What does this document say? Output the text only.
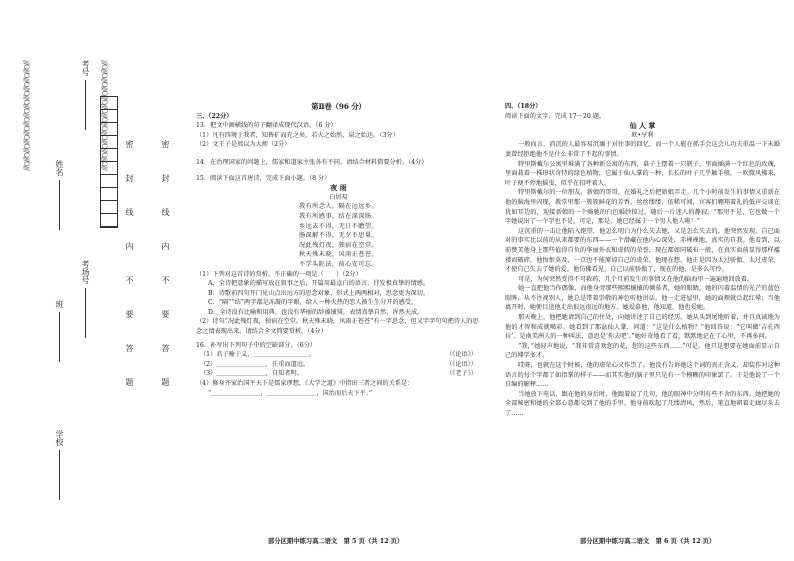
///O///O///O///O///O///O///O///O///O///O///O///O///	///O///O///O///O///O///O///O///O///O///O///O///O///
学校
班
姓名
考场号
考号
密封线内不要答题	密封线内不要答题

第Ⅱ卷（96 分）

三、（22分）

13．把文中画横线的句子翻译成现代汉语。（6 分）

（1）凡有四境于我者，知皆扩而充之矣，若火之始然，泉之始达。（3分）

（2）文王子是周以为大师（2分）

14．在治理国家的问题上，儒家和道家主张各有不同，请结合材料简要分析。（4分）

15．阅读下面这首唐诗，完成下面小题。（8 分）

夜 雨

白居易

我有所念人，隔在远远乡。

我有所感事，结在深深肠。

乡远去不得，无日不瞻望。

肠深解不得，无夕不思量。

况此残灯夜，独宿在空堂。

秋天殊未晓，风雨正苍苍。

不学头陀法，前心安可忘。

（1）下列对这首诗的赏析，不正确的一项是（　　）（2分）

A．全诗把意象的描写放在叙事之后，开篇用最直白的语言，抒发极真挚的情感。

B．诗歌前四句开门见山点出远方的思念对象，形式上两两相对，思念更为深切。

C．“隔”“结”两字都是冻凝的字眼，给人一种火热的恋人被生生分开的感受。

D．全诗没有比喻和用典，也没有华丽的辞藻铺排，表情真挚自然，浑然天成。

（2）诗句“况此残灯夜，独宿在空堂。秋天殊未晓，风雨正苍苍”有一字思念，但又字字句句把诗人的思念之情表现出来。请结合全文简要赏析。（4分）

16．补写出下列句子中的空缺部分。（6分）

（1）君子喻于义，＿＿＿＿＿＿＿＿＿。	（《论语》）
（2）＿＿＿＿＿＿＿＿，任重而道远。	（《论语》）
（3）＿＿＿＿＿＿＿＿，自知者明。	（《老子》）

（4）修身齐家治国平天下是儒家理想，《大学之道》中指出三者之间的关系是：

“＿＿＿＿＿＿＿＿，＿＿＿＿＿＿＿＿，国治而后天下平。”

部分区期中练习高二语文　第 5 页（共 12 页）

四、（18分）

阅读下面的文字，完成 17～20 题。

仙 人 掌

欧•亨利

一般而言，消沉的人最容易沉湎于对往事的回忆，而一个人能在抓手会这会儿功夫重温一下未婚妻曾经拒绝他不是什么非常了不起的事情。

特里斯戴尔公寓里堆满了各种新公寓的东西，桌子上摆着一只瓶子，里面插满一个红色的玫瑰，里面栽着一株形状奇特的绿色植物，它属于仙人掌的一种，长长的叶子几乎触手般，一吹微风拂来，叶子便不停地摇曳，似乎在招呼着人。

特里斯戴尔的一位朋友，新娘的哥哥，在婚礼之后把新娘弄走。几个小时前发生的事情又重新在他的脑海里闪现，教堂里那一簇簇鲜花的芳香，丝丝缕缕，依稀可闻，宾客们翱翔着礼的低声交谈在犹如耳边的，迎接新娘的一个骑驰的白色婚纱掠过，随后一片迷人的静寂。“那里不是，它也做一个字她说出了一个字也不是。可是，那是，她已经属于一个男人他人啦！”

这沉重的一击让他陷入绝望，他怎么明白为什么失去她，又是怎么失去的。他突然发现，自己面对的事实比以前的从来都要的东西——一个潜藏在他内心深处，赤裸裸地，真实的自我。他看到，以前赞美他身上那些值得自负的华丽外衣和虚假的荣誉，现在都如同破布一般，在真实面前显得那样褴褛而破碎，他悔恨莫及，一点也不能原谅自己的虚荣，他现在想，他正是因为太过骄傲、太过虚荣，才使自己失去了她的爱。他仿佛看见，自己以前骄傲了，现在的他，是多么可怜。

可是，为何突然变得不可救药，几个月前发生的事情又在他的脑海里一遍遍地回放着。

她一直把他当作偶像，而他身旁那些熙熙攘攘的倾慕者，她的眼睛，她的闪着温情的光芒的蓝色眼眸，从不注视别人，她总是带着崇敬的神色听他讲话。他一走进屋里，她的面颊就泛起红晕；当他离开时，她便目送他走出很远很远的地方。她爱慕他，他知道，他也爱她。

那天晚上，他把她请到自己的住处，向她讲述了自己的经历。她从头到尾地听着，并且真诚地为他的才智和成就喝彩。她看到了那盆仙人掌，问道：“这是什么植物？”他回答说：“它叫做‘吉孔西拉’，是南美洲人的一种叫法，意思是‘你去吧’。”她好奇地看了看，默默地记在了心里，不再多问。

“我，”她轻声地说，“我非常喜欢您的花，您的这些东西……”可是，他只是想要在她面前显示自己的博学多才。

哎呀，也就在这个时候，他的虚荣心又作祟了。他没有告诉她这个词的真正含义，却装作对这种语言的每个字都了如指掌的样子——而其实他的脑子里只是有一个模糊的印象罢了。于是他说了一个自编的解释……

当她放下电话，跟在他的身后时，他跟着说了几句，他的眼神中分明有些不舍的东西。她把她的全部秘密和她的全部心意都交到了他的手里。他身前吹起了几缕清风，然后，笔直地朝着走廊尽头去了……

部分区期中练习高二语文　第 6 页（共 12 页）
